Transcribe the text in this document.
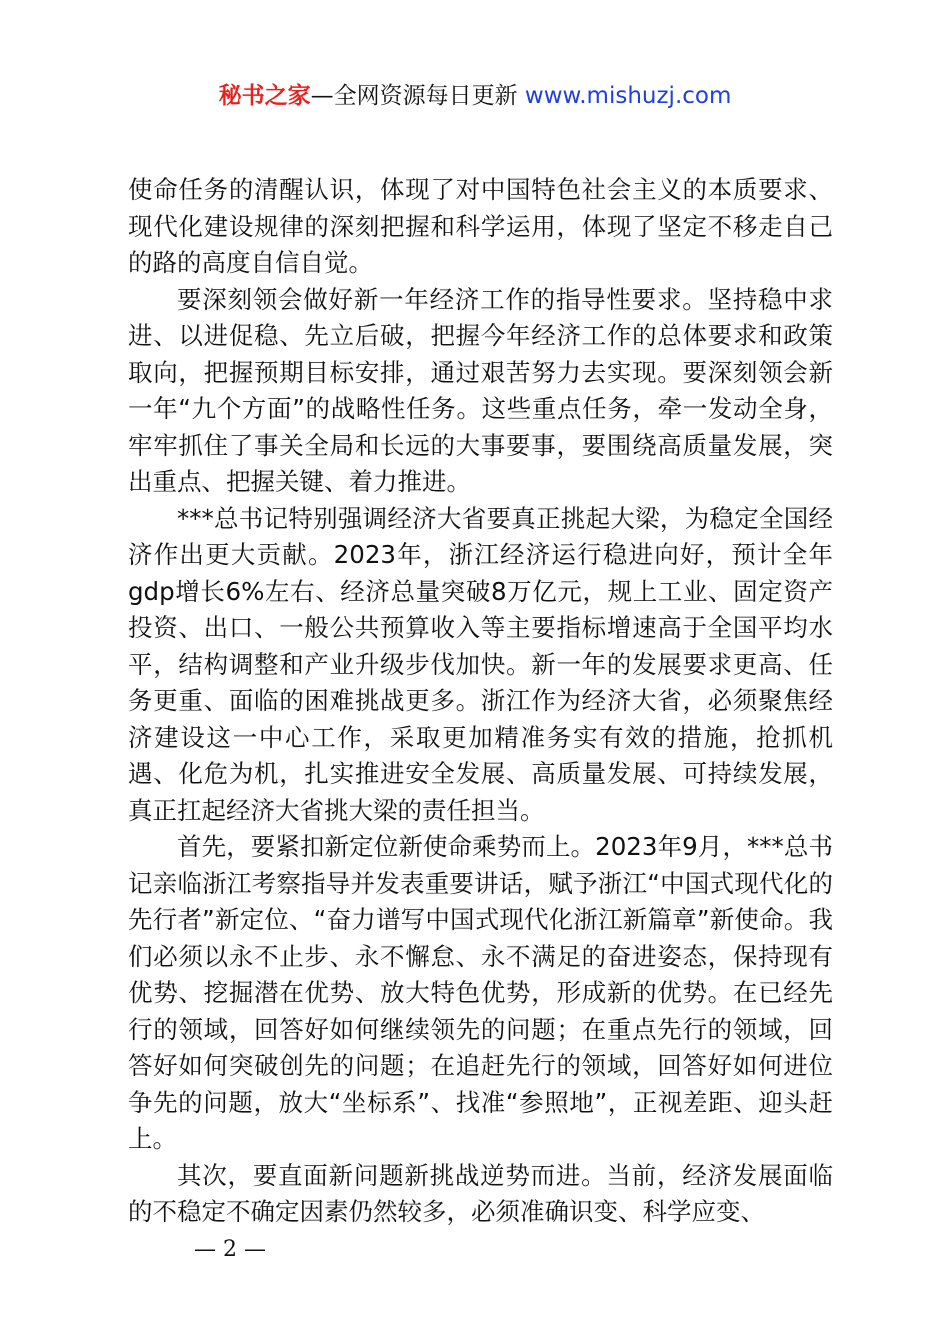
秘书之家—全网资源每日更新 www.mishuzj.com

使命任务的清醒认识，体现了对中国特色社会主义的本质要求、现代化建设规律的深刻把握和科学运用，体现了坚定不移走自己的路的高度自信自觉。

要深刻领会做好新一年经济工作的指导性要求。坚持稳中求进、以进促稳、先立后破，把握今年经济工作的总体要求和政策取向，把握预期目标安排，通过艰苦努力去实现。要深刻领会新一年“九个方面”的战略性任务。这些重点任务，牵一发动全身，牢牢抓住了事关全局和长远的大事要事，要围绕高质量发展，突出重点、把握关键、着力推进。

***总书记特别强调经济大省要真正挑起大梁，为稳定全国经济作出更大贡献。2023年，浙江经济运行稳进向好，预计全年gdp增长6%左右、经济总量突破8万亿元，规上工业、固定资产投资、出口、一般公共预算收入等主要指标增速高于全国平均水平，结构调整和产业升级步伐加快。新一年的发展要求更高、任务更重、面临的困难挑战更多。浙江作为经济大省，必须聚焦经济建设这一中心工作，采取更加精准务实有效的措施，抢抓机遇、化危为机，扎实推进安全发展、高质量发展、可持续发展，真正扛起经济大省挑大梁的责任担当。

首先，要紧扣新定位新使命乘势而上。2023年9月，***总书记亲临浙江考察指导并发表重要讲话，赋予浙江“中国式现代化的先行者”新定位、“奋力谱写中国式现代化浙江新篇章”新使命。我们必须以永不止步、永不懈怠、永不满足的奋进姿态，保持现有优势、挖掘潜在优势、放大特色优势，形成新的优势。在已经先行的领域，回答好如何继续领先的问题；在重点先行的领域，回答好如何突破创先的问题；在追赶先行的领域，回答好如何进位争先的问题，放大“坐标系”、找准“参照地”，正视差距、迎头赶上。

其次，要直面新问题新挑战逆势而进。当前，经济发展面临的不稳定不确定因素仍然较多，必须准确识变、科学应变、

— 2 —
